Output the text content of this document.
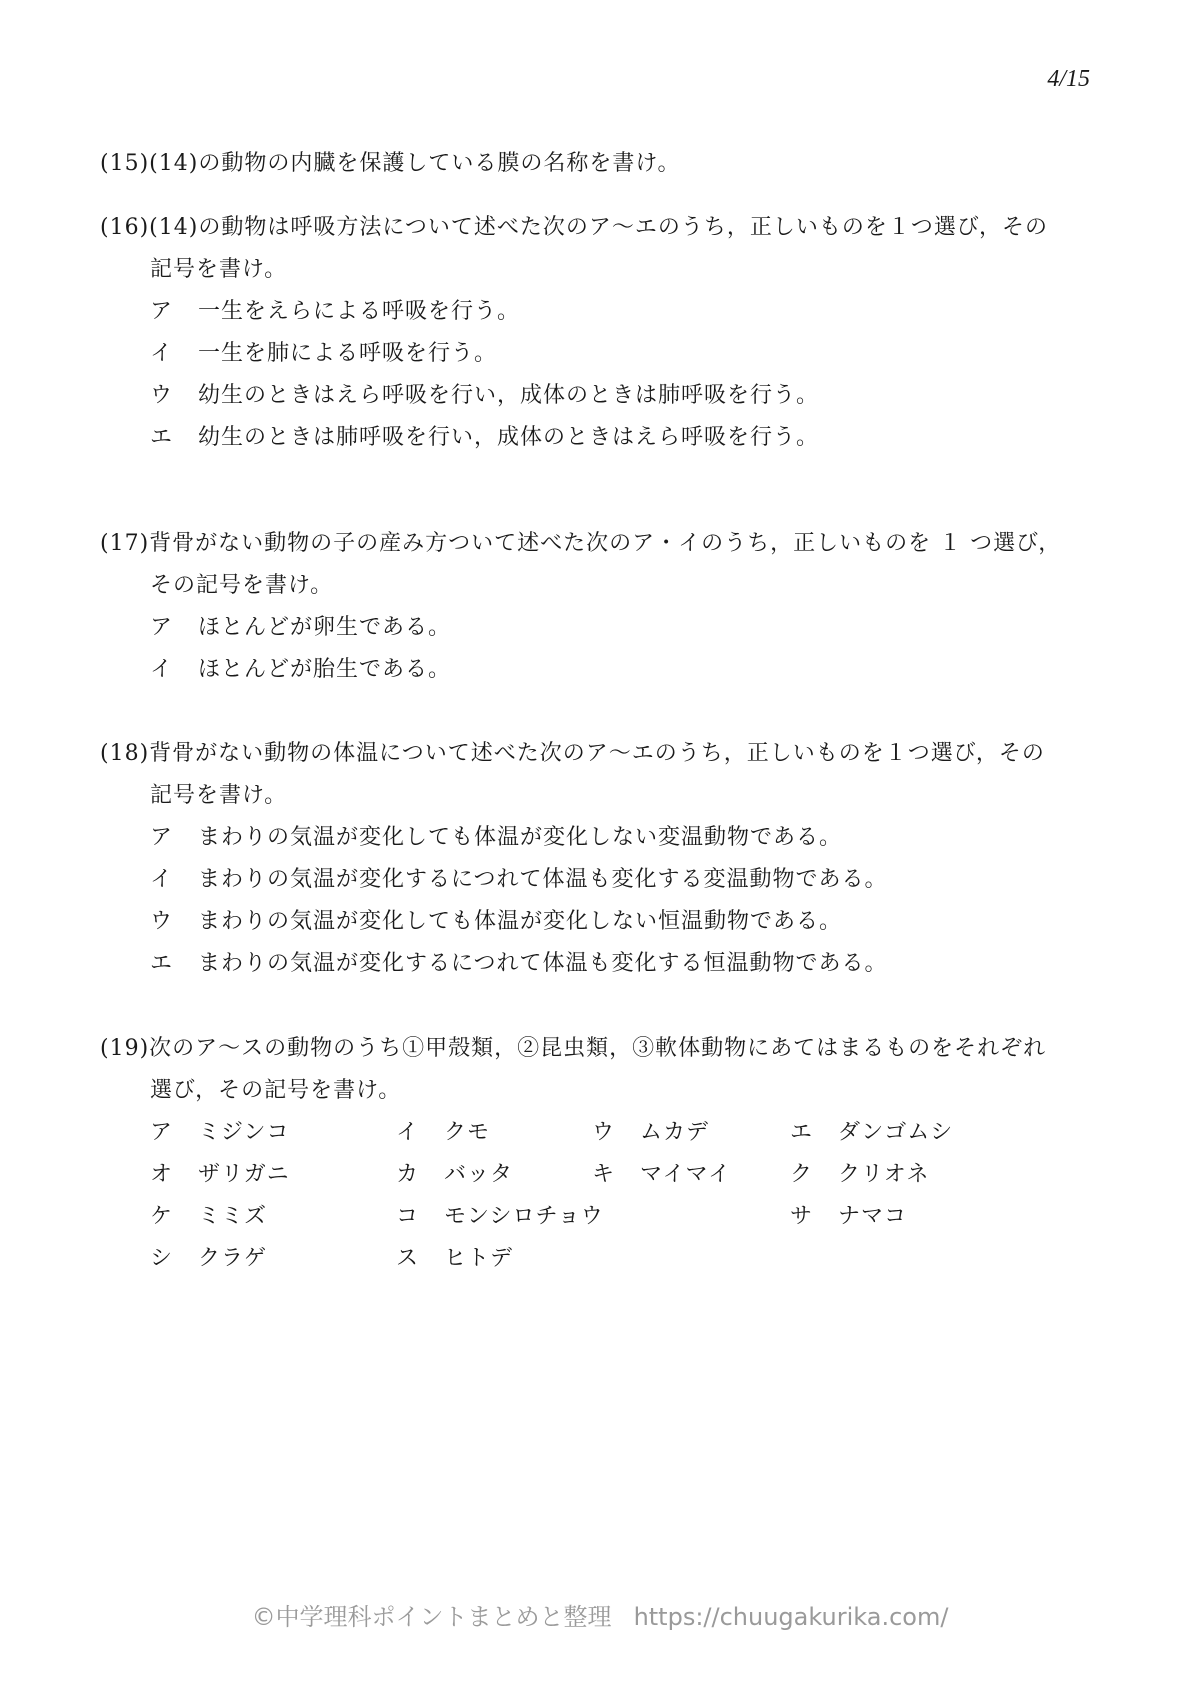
4/15
(15)(14)の動物の内臓を保護している膜の名称を書け。
(16)(14)の動物は呼吸方法について述べた次のア〜エのうち，正しいものを１つ選び，その
記号を書け。
ア 一生をえらによる呼吸を行う。
イ 一生を肺による呼吸を行う。
ウ 幼生のときはえら呼吸を行い，成体のときは肺呼吸を行う。
エ 幼生のときは肺呼吸を行い，成体のときはえら呼吸を行う。
(17)背骨がない動物の子の産み方ついて述べた次のア・イのうち，正しいものを １ つ選び，
その記号を書け。
ア ほとんどが卵生である。
イ ほとんどが胎生である。
(18)背骨がない動物の体温について述べた次のア〜エのうち，正しいものを１つ選び，その
記号を書け。
ア まわりの気温が変化しても体温が変化しない変温動物である。
イ まわりの気温が変化するにつれて体温も変化する変温動物である。
ウ まわりの気温が変化しても体温が変化しない恒温動物である。
エ まわりの気温が変化するにつれて体温も変化する恒温動物である。
(19)次のア〜スの動物のうち①甲殻類，②昆虫類，③軟体動物にあてはまるものをそれぞれ
選び，その記号を書け。
ア ミジンコ	イ クモ	ウ ムカデ	エ ダンゴムシ
オ ザリガニ	カ バッタ	キ マイマイ	ク クリオネ
ケ ミミズ	コ モンシロチョウ	サ ナマコ
シ クラゲ	ス ヒトデ
©中学理科ポイントまとめと整理 https://chuugakurika.com/
